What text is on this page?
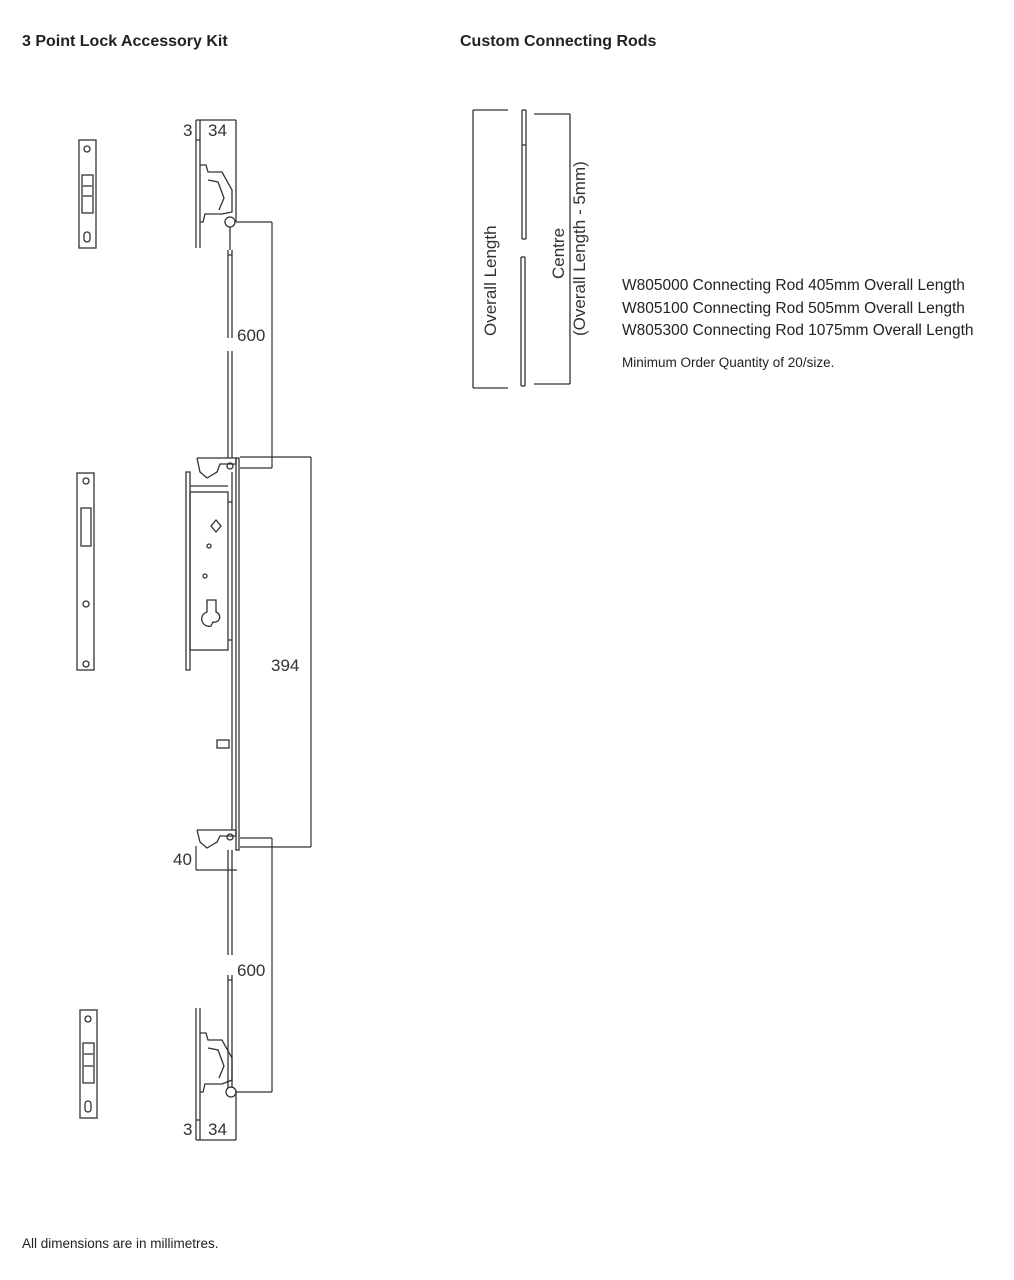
3 Point Lock Accessory Kit	Custom Connecting Rods
3 34
600
394
40
600
3 34
Overall Length	Centre (Overall Length - 5mm) W805000 Connecting Rod 405mm Overall Length
W805100 Connecting Rod 505mm Overall Length
W805300 Connecting Rod 1075mm Overall Length

Minimum Order Quantity of 20/size.

All dimensions are in millimetres.
